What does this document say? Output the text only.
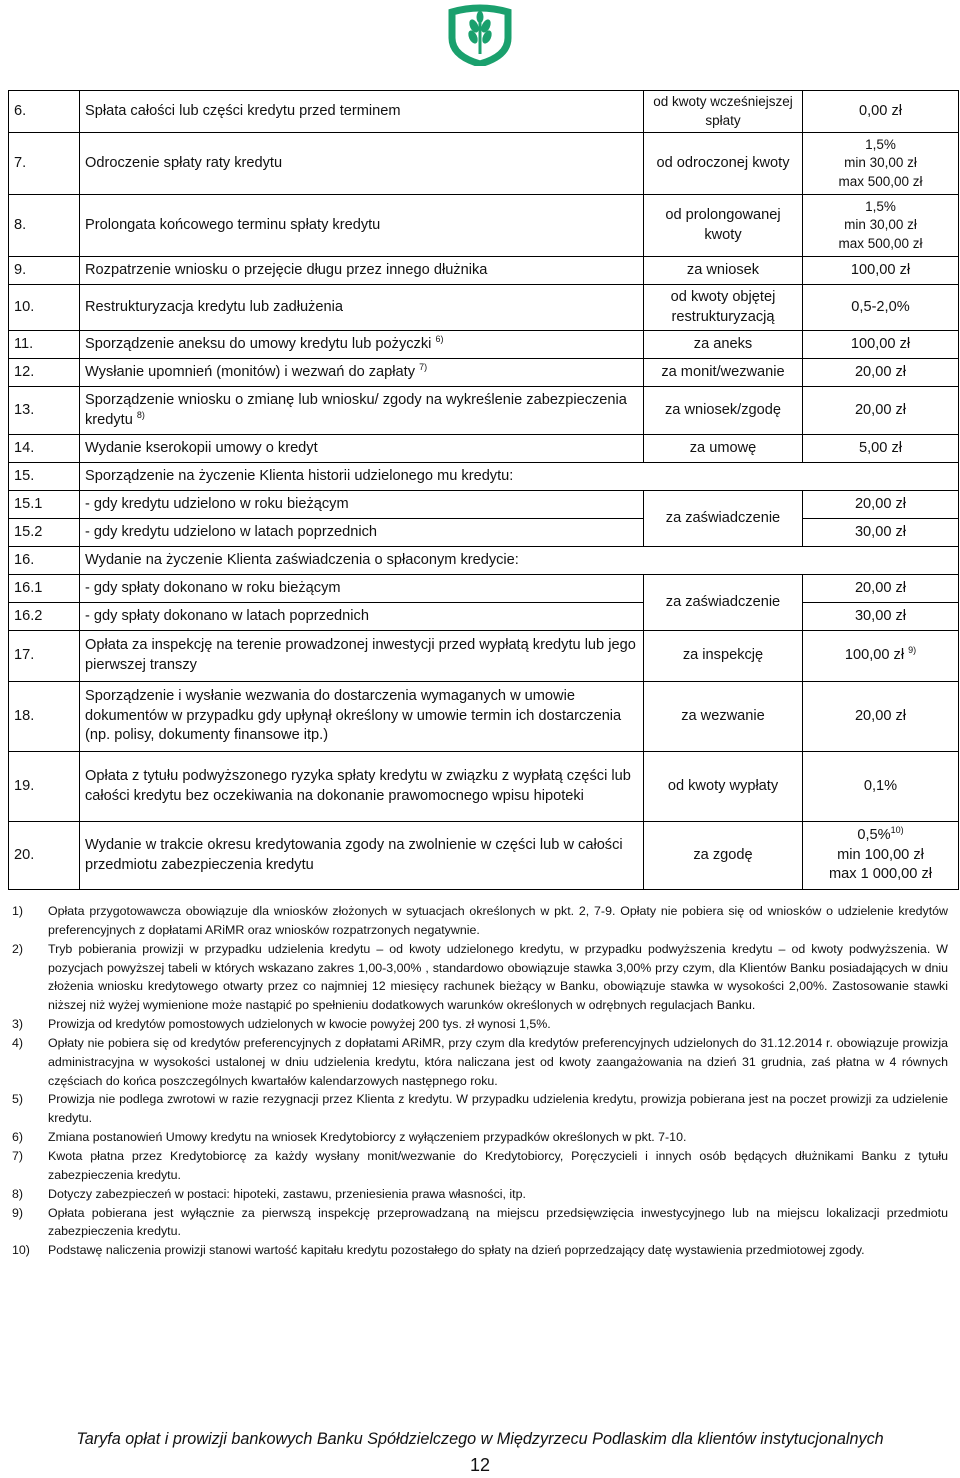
6.	Spłata całości lub części kredytu przed terminem	od kwoty wcześniejszej spłaty	0,00 zł
7.	Odroczenie spłaty raty kredytu	od odroczonej kwoty	1,5%
min 30,00 zł
max 500,00 zł

8.	Prolongata końcowego terminu spłaty kredytu	od prolongowanej kwoty	1,5%
min 30,00 zł
max 500,00 zł

9.	Rozpatrzenie wniosku o przejęcie długu przez innego dłużnika	za wniosek	100,00 zł
10.	Restrukturyzacja kredytu lub zadłużenia	od kwoty objętej restrukturyzacją	0,5-2,0%
11.	Sporządzenie aneksu do umowy kredytu lub pożyczki $^{6)}$	za aneks	100,00 zł
12.	Wysłanie upomnień (monitów) i wezwań do zapłaty $^{7)}$	za monit/wezwanie	20,00 zł
13.	Sporządzenie wniosku o zmianę lub wniosku/ zgody na wykreślenie zabezpieczenia kredytu $^{8)}$	za wniosek/zgodę	20,00 zł
14.	Wydanie kserokopii umowy o kredyt	za umowę	5,00 zł
15.	Sporządzenie na życzenie Klienta historii udzielonego mu kredytu:		
15.1	- gdy kredytu udzielono w roku bieżącym	za zaświadczenie	20,00 zł
15.2	- gdy kredytu udzielono w latach poprzednich		30,00 zł
16.	Wydanie na życzenie Klienta zaświadczenia o spłaconym kredycie:		
16.1	- gdy spłaty dokonano w roku bieżącym	za zaświadczenie	20,00 zł
16.2	- gdy spłaty dokonano w latach poprzednich		30,00 zł
17.	Opłata za inspekcję na terenie prowadzonej inwestycji przed wypłatą kredytu lub jego pierwszej transzy	za inspekcję	100,00 zł $^{9)}$
18.	Sporządzenie i wysłanie wezwania do dostarczenia wymaganych w umowie dokumentów w przypadku gdy upłynął określony w umowie termin ich dostarczenia (np. polisy, dokumenty finansowe itp.)	za wezwanie	20,00 zł
19.	Opłata z tytułu podwyższonego ryzyka spłaty kredytu w związku z wypłatą części lub całości kredytu bez oczekiwania na dokonanie prawomocnego wpisu hipoteki	od kwoty wypłaty	0,1%
20.	Wydanie w trakcie okresu kredytowania zgody na zwolnienie w części lub w całości przedmiotu zabezpieczenia kredytu	za zgodę	0,5%$^{10)}$
min 100,00 zł
max 1 000,00 zł
1)	Opłata przygotowawcza obowiązuje dla wniosków złożonych w sytuacjach określonych w pkt. 2, 7-9. Opłaty nie pobiera się od wniosków o udzielenie kredytów preferencyjnych z dopłatami ARiMR oraz wniosków rozpatrzonych negatywnie.
2)	Tryb pobierania prowizji w przypadku udzielenia kredytu – od kwoty udzielonego kredytu, w przypadku podwyższenia kredytu – od kwoty podwyższenia. W pozycjach powyższej tabeli w których wskazano zakres 1,00-3,00% , standardowo obowiązuje stawka 3,00% przy czym, dla Klientów Banku posiadających w dniu złożenia wniosku kredytowego otwarty przez co najmniej 12 miesięcy rachunek bieżący w Banku, obowiązuje stawka w wysokości 2,00%. Zastosowanie stawki niższej niż wyżej wymienione może nastąpić po spełnieniu dodatkowych warunków określonych w odrębnych regulacjach Banku.
3)	Prowizja od kredytów pomostowych udzielonych w kwocie powyżej 200 tys. zł wynosi 1,5%.
4)	Opłaty nie pobiera się od kredytów preferencyjnych z dopłatami ARiMR, przy czym dla kredytów preferencyjnych udzielonych do 31.12.2014 r. obowiązuje prowizja administracyjna w wysokości ustalonej w dniu udzielenia kredytu, która naliczana jest od kwoty zaangażowania na dzień 31 grudnia, zaś płatna w 4 równych częściach do końca poszczególnych kwartałów kalendarzowych następnego roku.
5)	Prowizja nie podlega zwrotowi w razie rezygnacji przez Klienta z kredytu. W przypadku udzielenia kredytu, prowizja pobierana jest na poczet prowizji za udzielenie kredytu.
6)	Zmiana postanowień Umowy kredytu na wniosek Kredytobiorcy z wyłączeniem przypadków określonych w pkt. 7-10.
7)	Kwota płatna przez Kredytobiorcę za każdy wysłany monit/wezwanie do Kredytobiorcy, Poręczycieli i innych osób będących dłużnikami Banku z tytułu zabezpieczenia kredytu.
8)	Dotyczy zabezpieczeń w postaci: hipoteki, zastawu, przeniesienia prawa własności, itp.
9)	Opłata pobierana jest wyłącznie za pierwszą inspekcję przeprowadzaną na miejscu przedsięwzięcia inwestycyjnego lub na miejscu lokalizacji przedmiotu zabezpieczenia kredytu.
10)	Podstawę naliczenia prowizji stanowi wartość kapitału kredytu pozostałego do spłaty na dzień poprzedzający datę wystawienia przedmiotowej zgody.
Taryfa opłat i prowizji bankowych Banku Spółdzielczego w Międzyrzecu Podlaskim dla klientów instytucjonalnych
12
